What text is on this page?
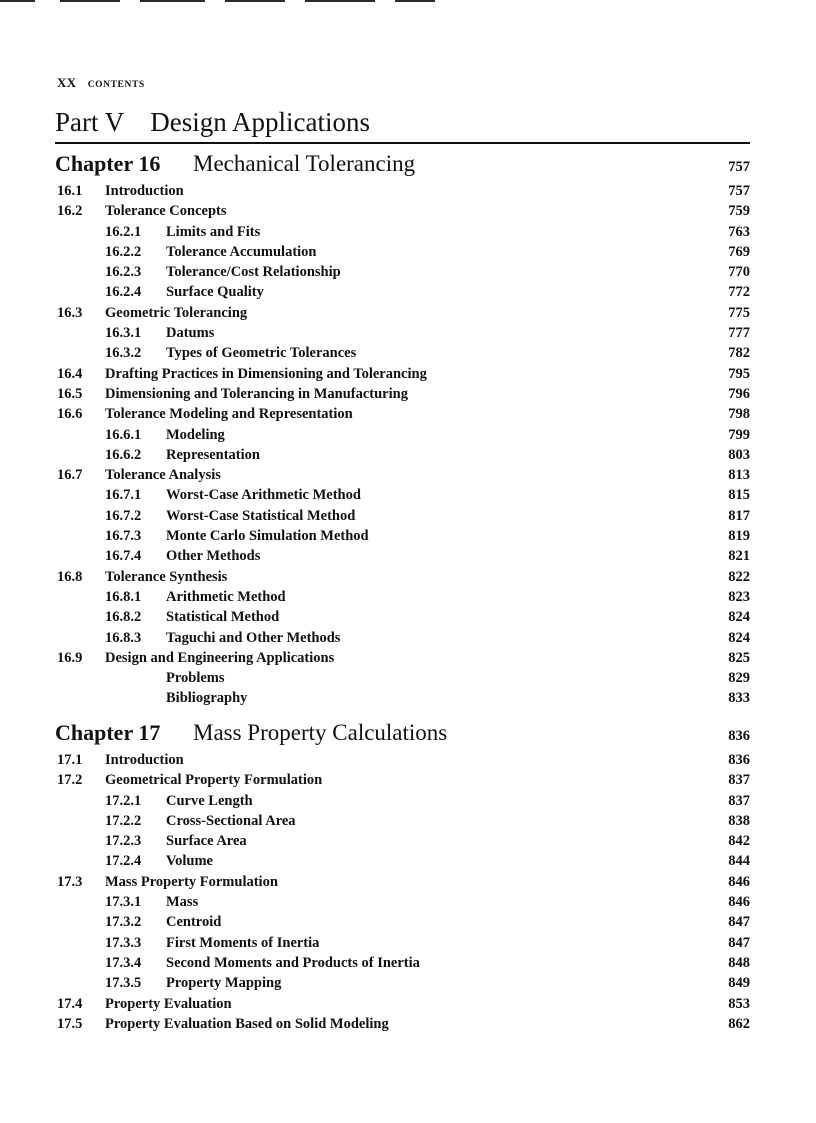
XX CONTENTS
Part V Design Applications
Chapter 16 Mechanical Tolerancing	757
16.1 Introduction	757
16.2 Tolerance Concepts	759
16.2.1 Limits and Fits	763
16.2.2 Tolerance Accumulation	769
16.2.3 Tolerance/Cost Relationship	770
16.2.4 Surface Quality	772
16.3 Geometric Tolerancing	775
16.3.1 Datums	777
16.3.2 Types of Geometric Tolerances	782
16.4 Drafting Practices in Dimensioning and Tolerancing	795
16.5 Dimensioning and Tolerancing in Manufacturing	796
16.6 Tolerance Modeling and Representation	798
16.6.1 Modeling	799
16.6.2 Representation	803
16.7 Tolerance Analysis	813
16.7.1 Worst-Case Arithmetic Method	815
16.7.2 Worst-Case Statistical Method	817
16.7.3 Monte Carlo Simulation Method	819
16.7.4 Other Methods	821
16.8 Tolerance Synthesis	822
16.8.1 Arithmetic Method	823
16.8.2 Statistical Method	824
16.8.3 Taguchi and Other Methods	824
16.9 Design and Engineering Applications	825
Problems	829
Bibliography	833
Chapter 17 Mass Property Calculations	836
17.1 Introduction	836
17.2 Geometrical Property Formulation	837
17.2.1 Curve Length	837
17.2.2 Cross-Sectional Area	838
17.2.3 Surface Area	842
17.2.4 Volume	844
17.3 Mass Property Formulation	846
17.3.1 Mass	846
17.3.2 Centroid	847
17.3.3 First Moments of Inertia	847
17.3.4 Second Moments and Products of Inertia	848
17.3.5 Property Mapping	849
17.4 Property Evaluation	853
17.5 Property Evaluation Based on Solid Modeling	862
